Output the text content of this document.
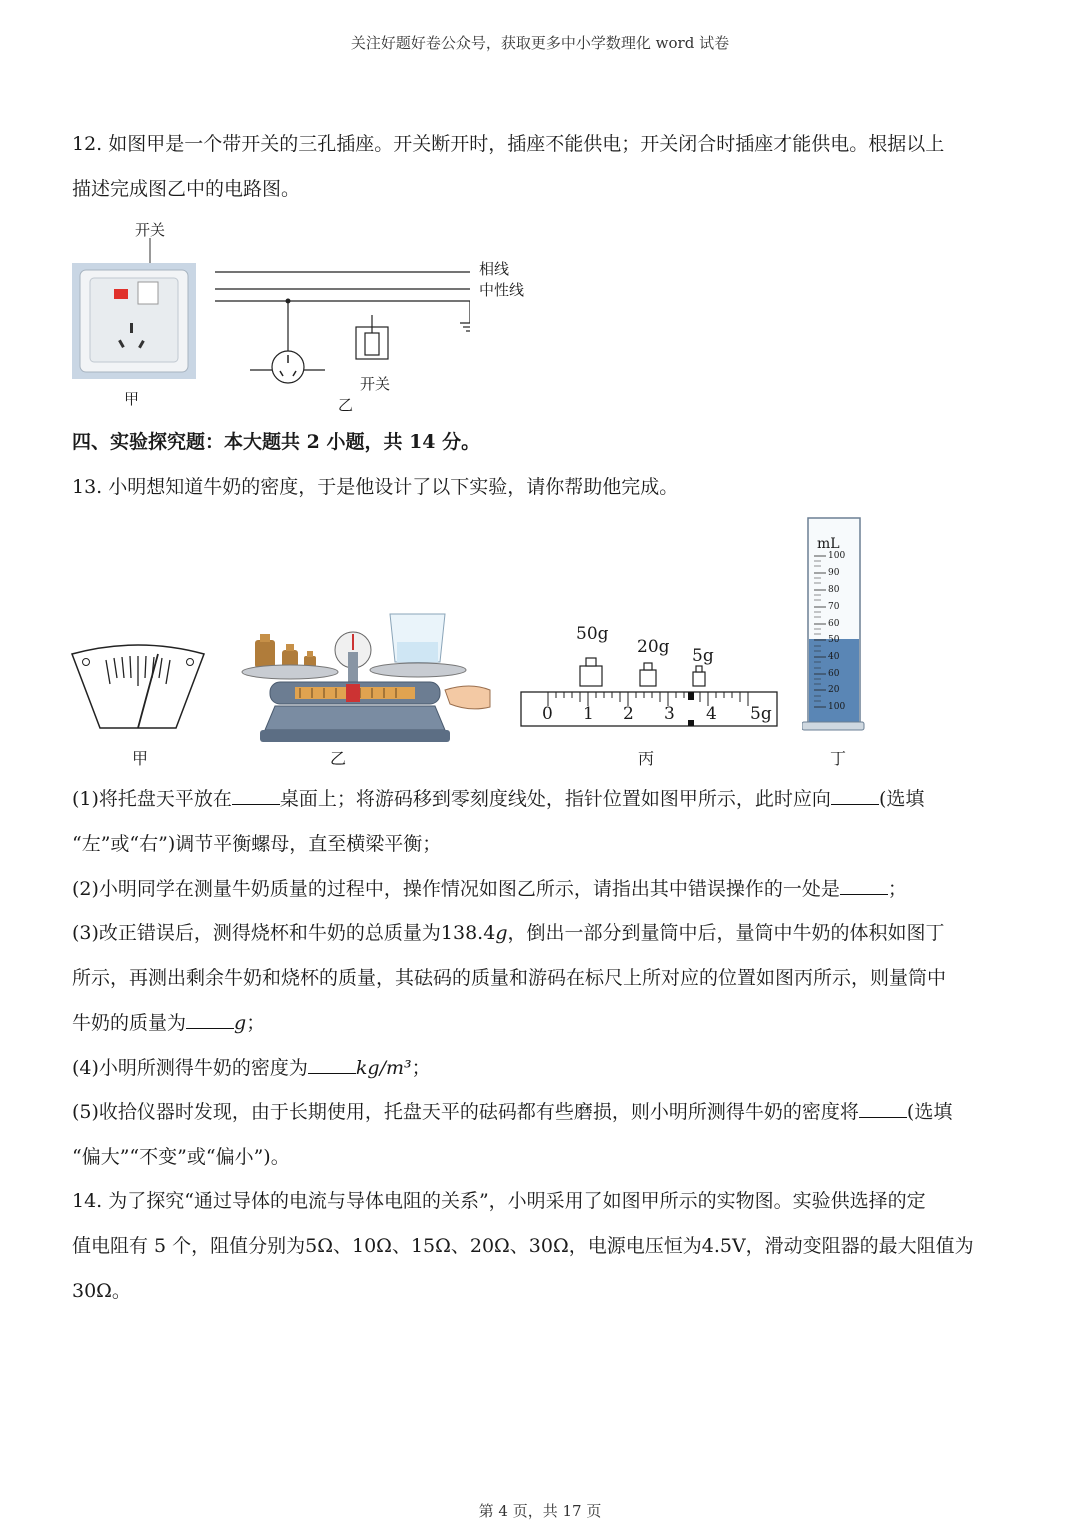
关注好题好卷公众号，获取更多中小学数理化 word 试卷
12. 如图甲是一个带开关的三孔插座。开关断开时，插座不能供电；开关闭合时插座才能供电。根据以上
描述完成图乙中的电路图。
开关
甲
相线
中性线
开关
乙
四、实验探究题：本大题共 2 小题，共 14 分。
13. 小明想知道牛奶的密度，于是他设计了以下实验，请你帮助他完成。
甲	乙
50g
20g 5g
0 1 2 3 4 5g
丙
mL
100
90
80
70
60
50
40
60
20
100
丁
(1)将托盘天平放在	桌面上；将游码移到零刻度线处，指针位置如图甲所示，此时应向	(选填
“左”或“右”)调节平衡螺母，直至横梁平衡；
(2)小明同学在测量牛奶质量的过程中，操作情况如图乙所示，请指出其中错误操作的一处是	；
(3)改正错误后，测得烧杯和牛奶的总质量为138.4g，倒出一部分到量筒中后，量筒中牛奶的体积如图丁
所示，再测出剩余牛奶和烧杯的质量，其砝码的质量和游码在标尺上所对应的位置如图丙所示，则量筒中
牛奶的质量为	g；
(4)小明所测得牛奶的密度为	kg/m³；
(5)收拾仪器时发现，由于长期使用，托盘天平的砝码都有些磨损，则小明所测得牛奶的密度将	(选填
“偏大”“不变”或“偏小”)。
14. 为了探究“通过导体的电流与导体电阻的关系”，小明采用了如图甲所示的实物图。实验供选择的定
值电阻有 5 个，阻值分别为5Ω、10Ω、15Ω、20Ω、30Ω，电源电压恒为4.5V，滑动变阻器的最大阻值为
30Ω。
第 4 页，共 17 页
